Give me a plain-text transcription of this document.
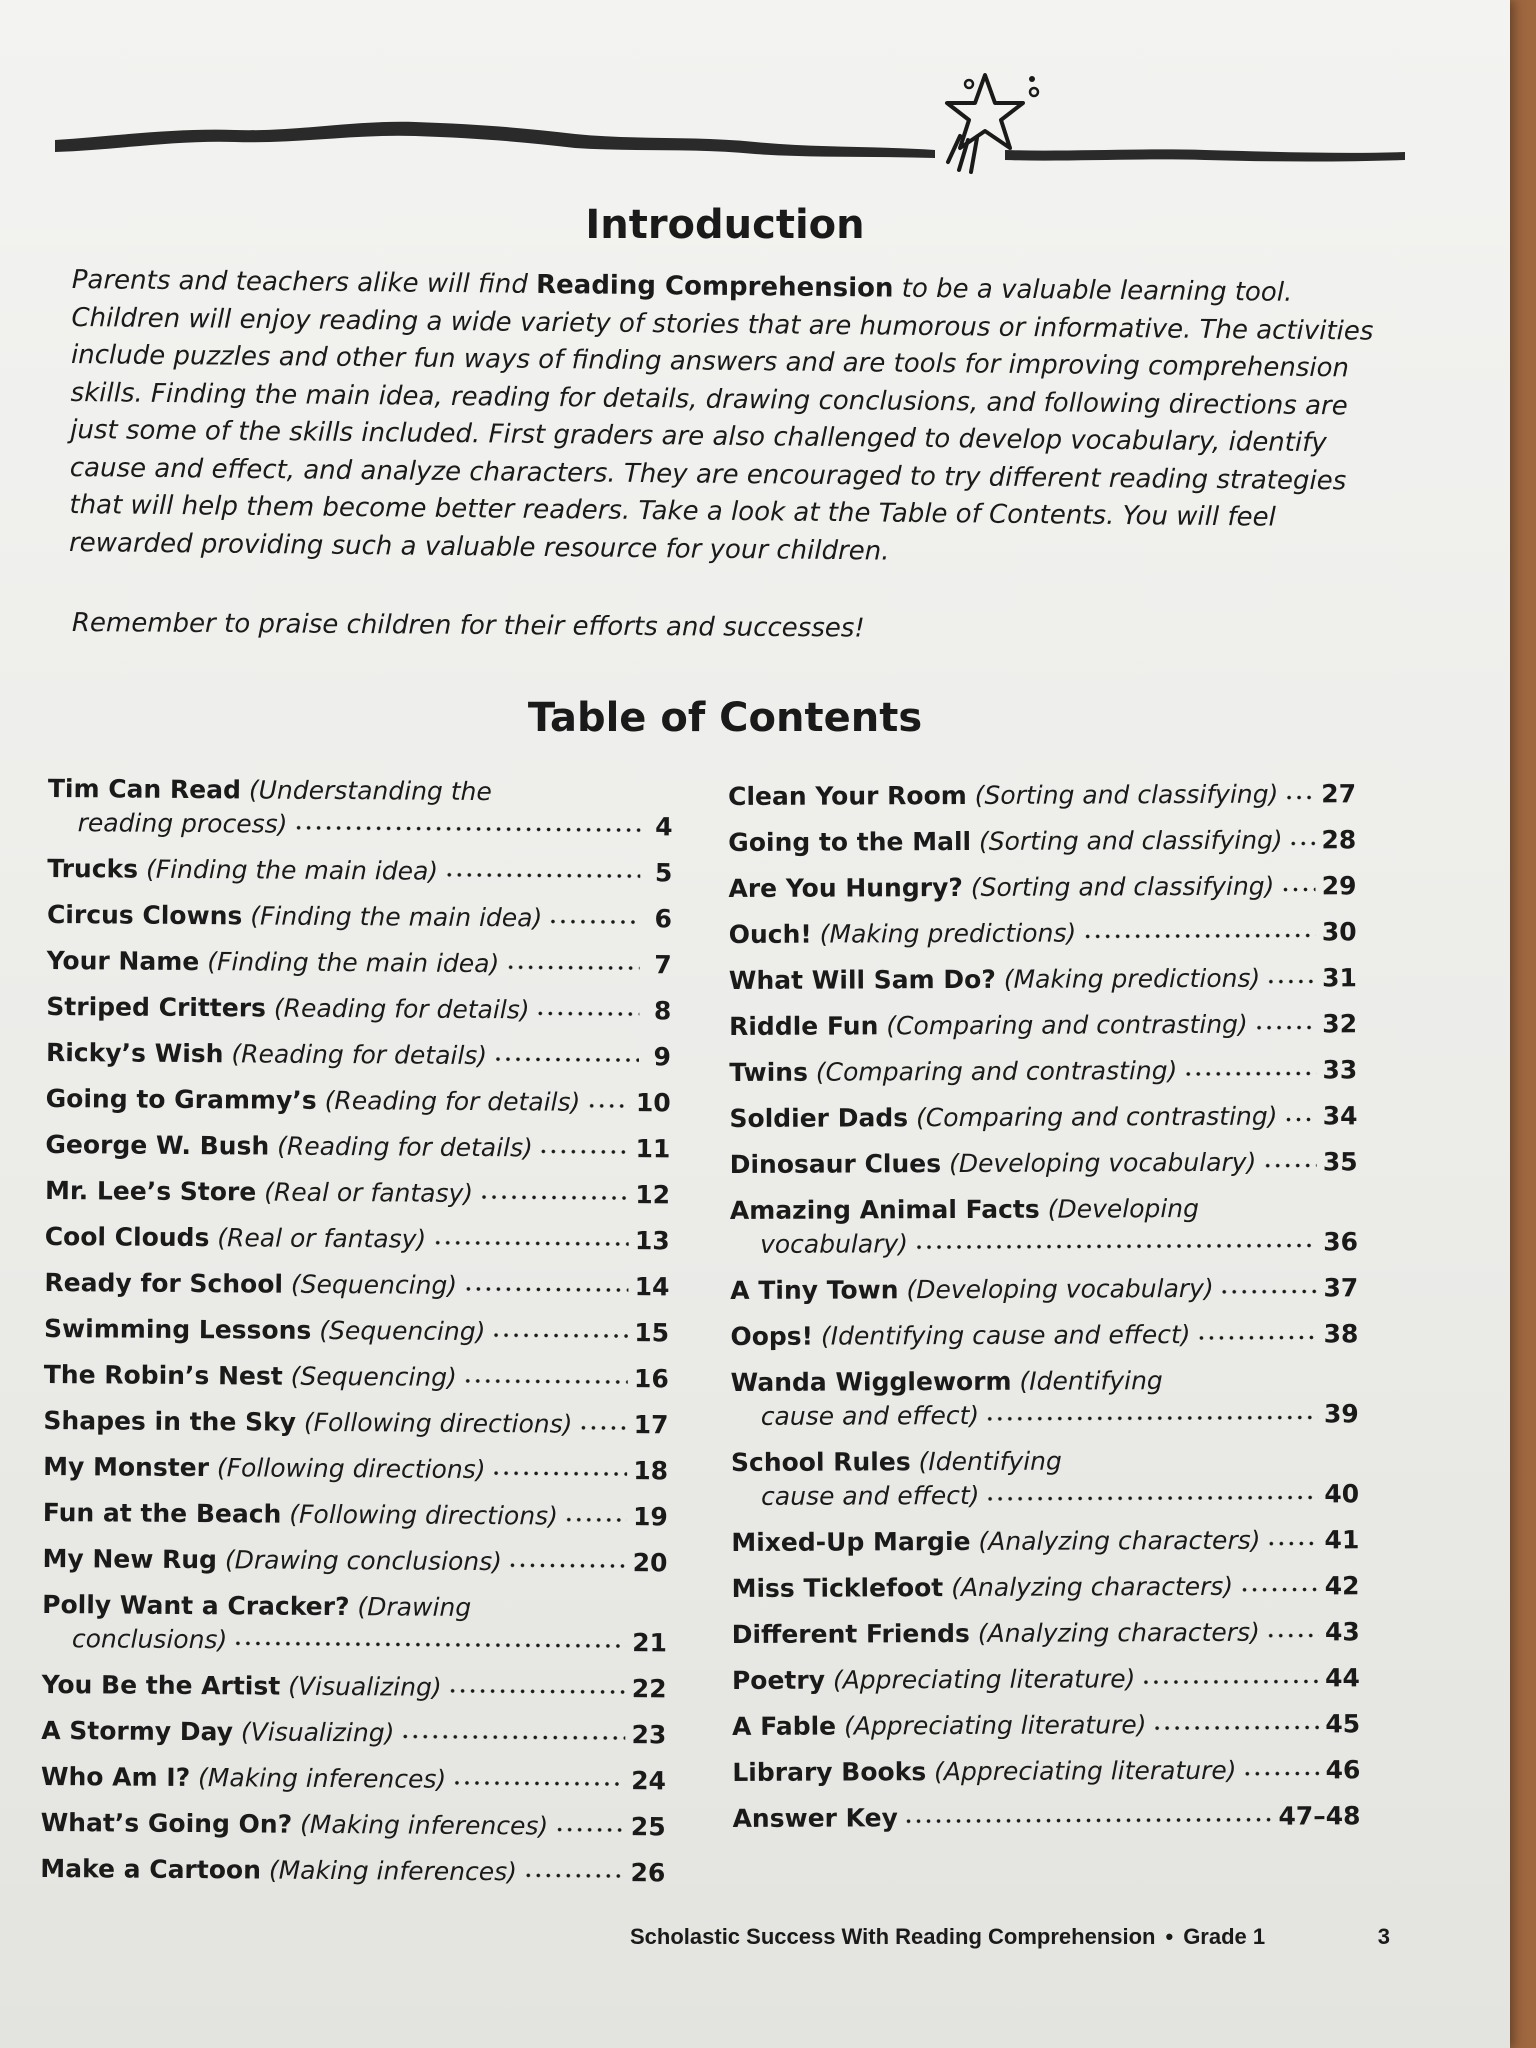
Introduction

Parents and teachers alike will find Reading Comprehension to be a valuable learning tool. Children will enjoy reading a wide variety of stories that are humorous or informative. The activities include puzzles and other fun ways of finding answers and are tools for improving comprehension skills. Finding the main idea, reading for details, drawing conclusions, and following directions are just some of the skills included. First graders are also challenged to develop vocabulary, identify cause and effect, and analyze characters. They are encouraged to try different reading strategies that will help them become better readers. Take a look at the Table of Contents. You will feel rewarded providing such a valuable resource for your children.

Remember to praise children for their efforts and successes!

Table of Contents
Tim Can Read (Understanding the
reading process)	4
Trucks (Finding the main idea)	5
Circus Clowns (Finding the main idea)	6
Your Name (Finding the main idea)	7
Striped Critters (Reading for details)	8
Ricky’s Wish (Reading for details)	9
Going to Grammy’s (Reading for details) 10
George W. Bush (Reading for details)	11
Mr. Lee’s Store (Real or fantasy)	12
Cool Clouds (Real or fantasy)	13
Ready for School (Sequencing)	14
Swimming Lessons (Sequencing)	15
The Robin’s Nest (Sequencing)	16
Shapes in the Sky (Following directions) 17
My Monster (Following directions)	18
Fun at the Beach (Following directions)	19
My New Rug (Drawing conclusions)	20
Polly Want a Cracker? (Drawing
conclusions)	21
You Be the Artist (Visualizing)	22
A Stormy Day (Visualizing)	23
Who Am I? (Making inferences)	24
What’s Going On? (Making inferences)	25
Make a Cartoon (Making inferences)	26
Clean Your Room (Sorting and classifying) 27
Going to the Mall (Sorting and classifying) 28
Are You Hungry? (Sorting and classifying) 29
Ouch! (Making predictions)	30
What Will Sam Do? (Making predictions) 31
Riddle Fun (Comparing and contrasting)	32
Twins (Comparing and contrasting)	33
Soldier Dads (Comparing and contrasting) 34
Dinosaur Clues (Developing vocabulary)	35
Amazing Animal Facts (Developing
vocabulary)	36
A Tiny Town (Developing vocabulary)	37
Oops! (Identifying cause and effect)	38
Wanda Wiggleworm (Identifying
cause and effect)	39
School Rules (Identifying
cause and effect)	40
Mixed-Up Margie (Analyzing characters)	41
Miss Ticklefoot (Analyzing characters)	42
Different Friends (Analyzing characters)	43
Poetry (Appreciating literature)	44
A Fable (Appreciating literature)	45
Library Books (Appreciating literature)	46
Answer Key	47–48
Scholastic Success With Reading Comprehension • Grade 1	3
